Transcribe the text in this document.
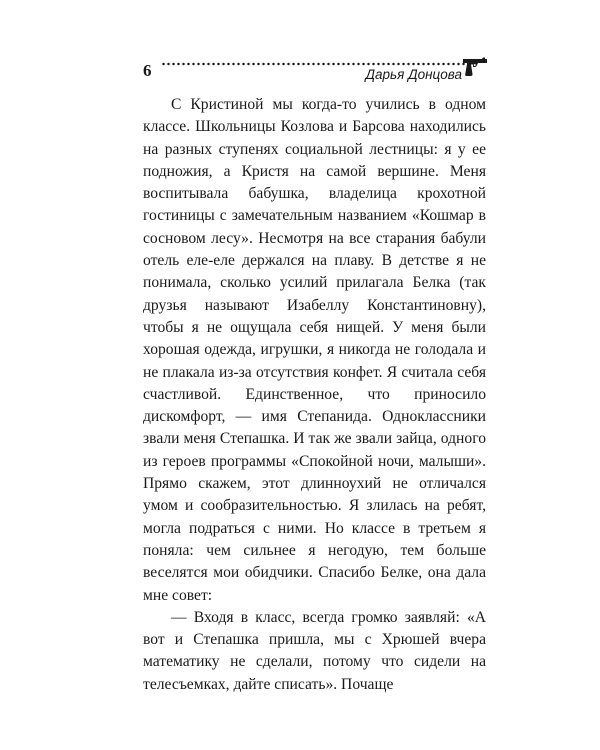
6	Дарья Донцова

С Кристиной мы когда-то учились в одном классе. Школьницы Козлова и Барсова находились на разных ступенях социальной лестницы: я у ее подножия, а Кристя на самой вершине. Меня воспитывала бабушка, владелица крохотной гостиницы с замечательным названием «Кошмар в сосновом лесу». Несмотря на все старания бабули отель еле-еле держался на плаву. В детстве я не понимала, сколько усилий прилагала Белка (так друзья называют Изабеллу Константиновну), чтобы я не ощущала себя нищей. У меня были хорошая одежда, игрушки, я никогда не голодала и не плакала из-за отсутствия конфет. Я считала себя счастливой. Единственное, что приносило дискомфорт, — имя Степанида. Одноклассники звали меня Степашка. И так же звали зайца, одного из героев программы «Спокойной ночи, малыши». Прямо скажем, этот длинноухий не отличался умом и сообразительностью. Я злилась на ребят, могла подраться с ними. Но классе в третьем я поняла: чем сильнее я негодую, тем больше веселятся мои обидчики. Спасибо Белке, она дала мне совет:

— Входя в класс, всегда громко заявляй: «А вот и Степашка пришла, мы с Хрюшей вчера математику не сделали, потому что сидели на телесъемках, дайте списать». Почаще
